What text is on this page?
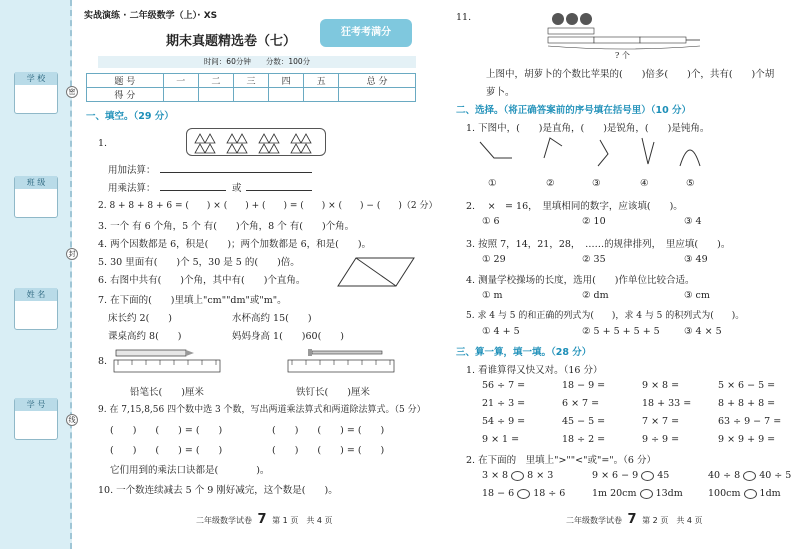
学 校
班 级
姓 名
学 号
密
封
线
实战演练 · 二年级数学（上）· XS
期末真题精选卷（七）
狂考考满分
时间：60分钟　　分数：100分
题 号	一	二	三	四	五	总 分
得 分						
一、填空。（29 分）
1.
用加法算：
用乘法算：	或
2. 8 + 8 + 8 + 6 = (　　) × (　　) + (　　) = (　　) × (　　) − (　　)（2 分）
3. 一个 有 6 个角，5 个 有(　　)个角，8 个 有(　　)个角。
4. 两个因数都是 6，积是(　　)；两个加数都是 6，和是(　　)。
5. 30 里面有(　　)个 5，30 是 5 的(　　)倍。
6. 右图中共有(　　)个角，其中有(　　)个直角。
7. 在下面的(　　)里填上"cm""dm"或"m"。
床长约 2(　　)	水杯高约 15(　　)
课桌高约 8(　　)	妈妈身高 1(　　)60(　　)
8.
铅笔长(　　)厘米	铁钉长(　　)厘米
9. 在 7,15,8,56 四个数中选 3 个数，写出两道乘法算式和两道除法算式。（5 分）
(　　)　　(　　) = (　　)	(　　)　　(　　) = (　　)
(　　)　　(　　) = (　　)	(　　)　　(　　) = (　　)
它们用到的乘法口诀都是(　　　　)。
10. 一个数连续减去 5 个 9 刚好减完，这个数是(　　)。
二年级数学试卷 7 第 1 页　共 4 页
11.
? 个
上图中，胡萝卜的个数比苹果的(　　)倍多(　　)个，共有(　　)个胡
萝卜。
二、选择。（将正确答案前的序号填在括号里）（10 分）
1. 下图中，(　　)是直角，(　　)是锐角，(　　)是钝角。
①	②	③	④	⑤
2. 　×　= 16，　里填相同的数字，应该填(　　)。
① 6	② 10	③ 4
3. 按照 7，14，21，28，　……的规律排列，　里应填(　　)。
① 29	② 35	③ 49
4. 测量学校操场的长度，选用(　　)作单位比较合适。
① m	② dm	③ cm
5. 求 4 与 5 的和正确的列式为(　　)，求 4 与 5 的积列式为(　　)。
① 4 + 5	② 5 + 5 + 5 + 5	③ 4 × 5
三、算一算，填一填。（28 分）
1. 看谁算得又快又对。（16 分）
56 ÷ 7 =	18 − 9 =	9 × 8 =	5 × 6 − 5 =
21 ÷ 3 =	6 × 7 =	18 + 33 =	8 + 8 + 8 =
54 ÷ 9 =	45 − 5 =	7 × 7 =	63 ÷ 9 − 7 =
9 × 1 =	18 ÷ 2 =	9 ÷ 9 =	9 × 9 + 9 =
2. 在下面的　里填上">""<"或"="。（6 分）
3 × 8 8 × 3	9 × 6 − 9 45	40 ÷ 8 40 ÷ 5
18 − 6 18 ÷ 6	1m 20cm 13dm	100cm 1dm
二年级数学试卷 7 第 2 页　共 4 页
